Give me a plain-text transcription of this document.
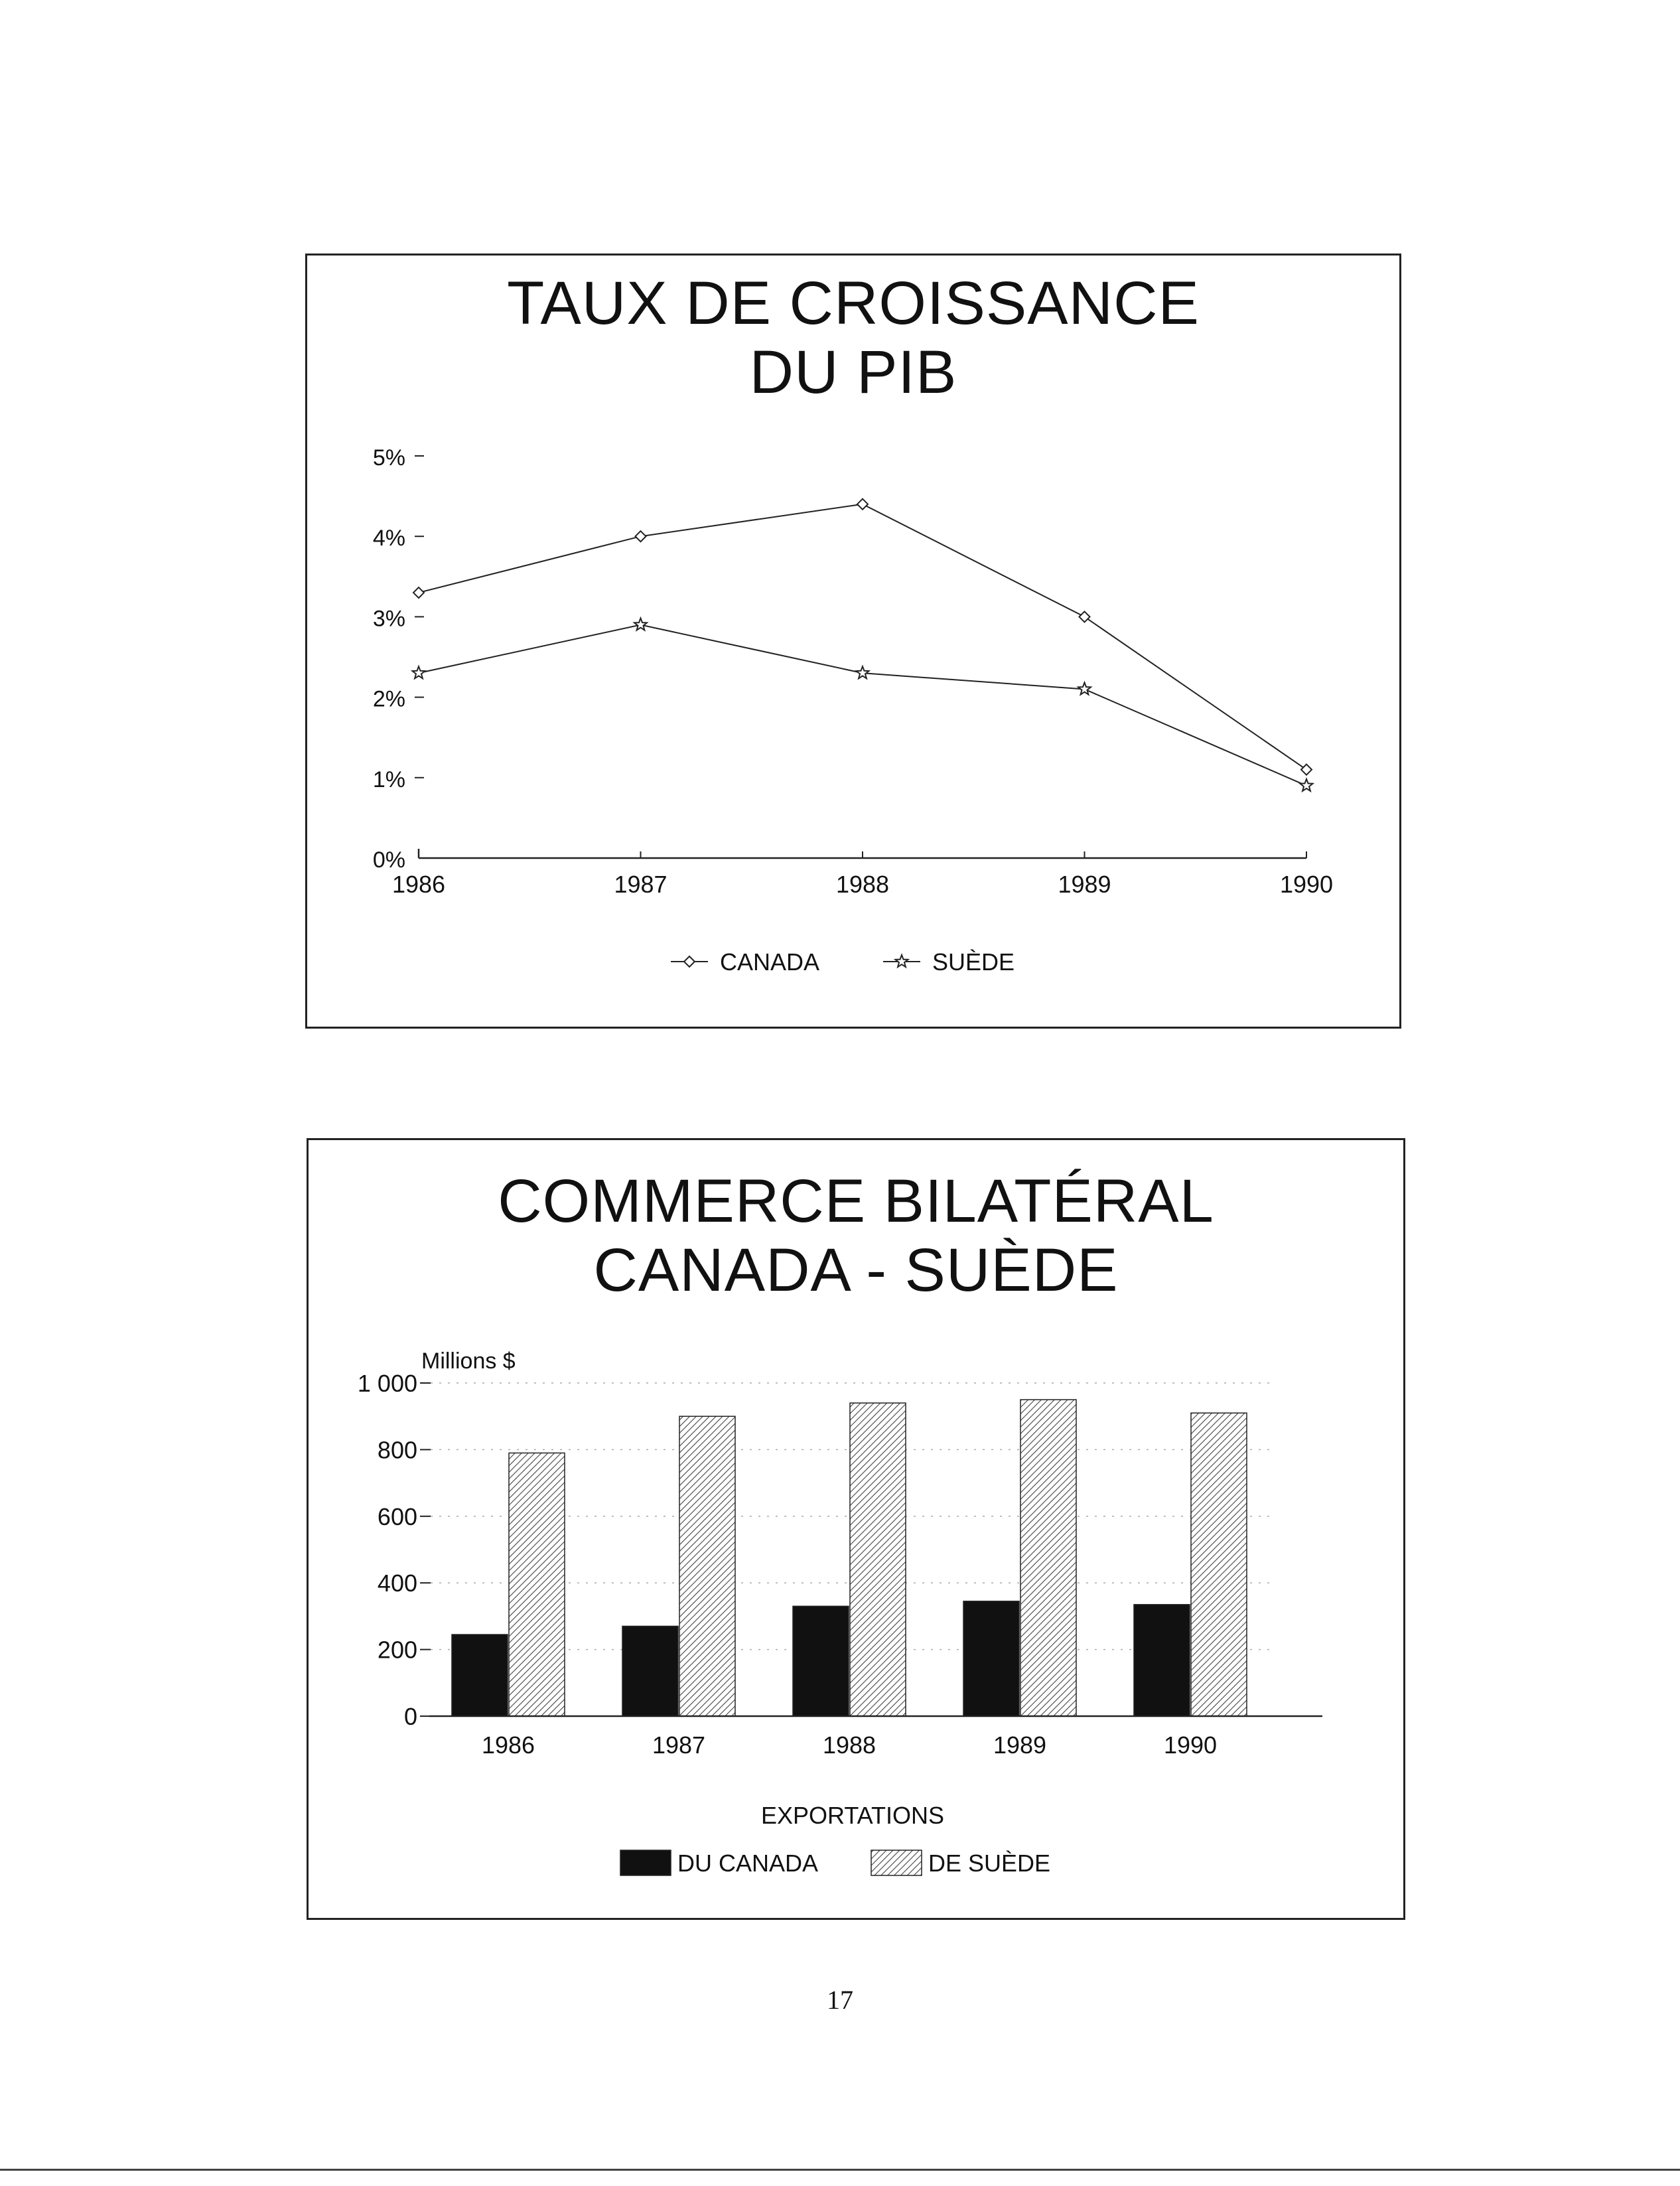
TAUX DE CROISSANCE
DU PIB
0%
1%
2%
3%
4%
5%
1986	1987	1988	1989	1990
CANADA	SUÈDE
COMMERCE BILATÉRAL
CANADA - SUÈDE
Millions $
0
200
400
600
800
1 000
1986	1987	1988	1989	1990
EXPORTATIONS
DU CANADA	DE SUÈDE
17
